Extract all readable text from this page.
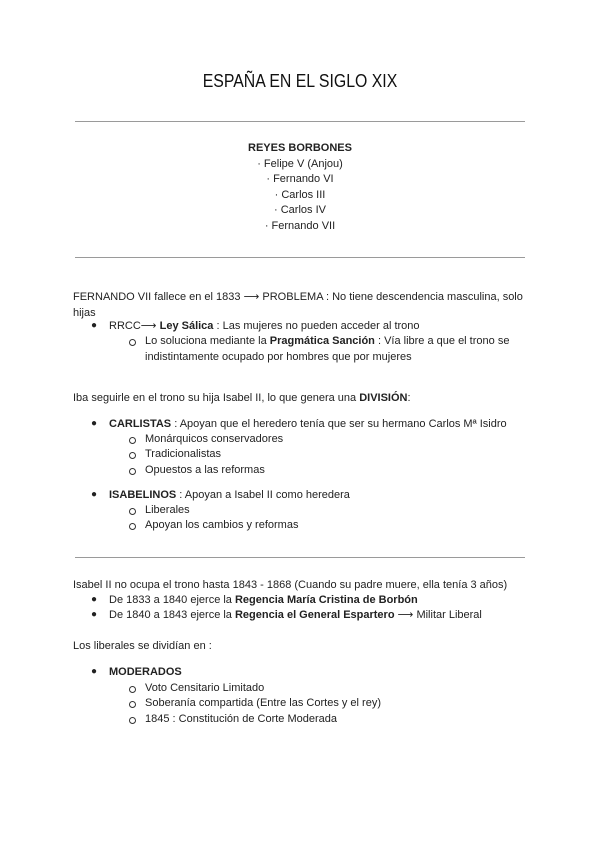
ESPAÑA EN EL SIGLO XIX
REYES BORBONES
· Felipe V (Anjou)
· Fernando VI
· Carlos III
· Carlos IV
· Fernando VII
FERNANDO VII fallece en el 1833 ⟶ PROBLEMA : No tiene descendencia masculina, solo
hijas
● RRCC⟶ Ley Sálica : Las mujeres no pueden acceder al trono
Lo soluciona mediante la Pragmática Sanción : Vía libre a que el trono se
indistintamente ocupado por hombres que por mujeres
Iba seguirle en el trono su hija Isabel II, lo que genera una DIVISIÓN:
● CARLISTAS : Apoyan que el heredero tenía que ser su hermano Carlos Mª Isidro
Monárquicos conservadores
Tradicionalistas
Opuestos a las reformas
● ISABELINOS : Apoyan a Isabel II como heredera
Liberales
Apoyan los cambios y reformas
Isabel II no ocupa el trono hasta 1843 - 1868 (Cuando su padre muere, ella tenía 3 años)
● De 1833 a 1840 ejerce la Regencia María Cristina de Borbón
● De 1840 a 1843 ejerce la Regencia el General Espartero ⟶ Militar Liberal
Los liberales se dividían en :
● MODERADOS
Voto Censitario Limitado
Soberanía compartida (Entre las Cortes y el rey)
1845 : Constitución de Corte Moderada
